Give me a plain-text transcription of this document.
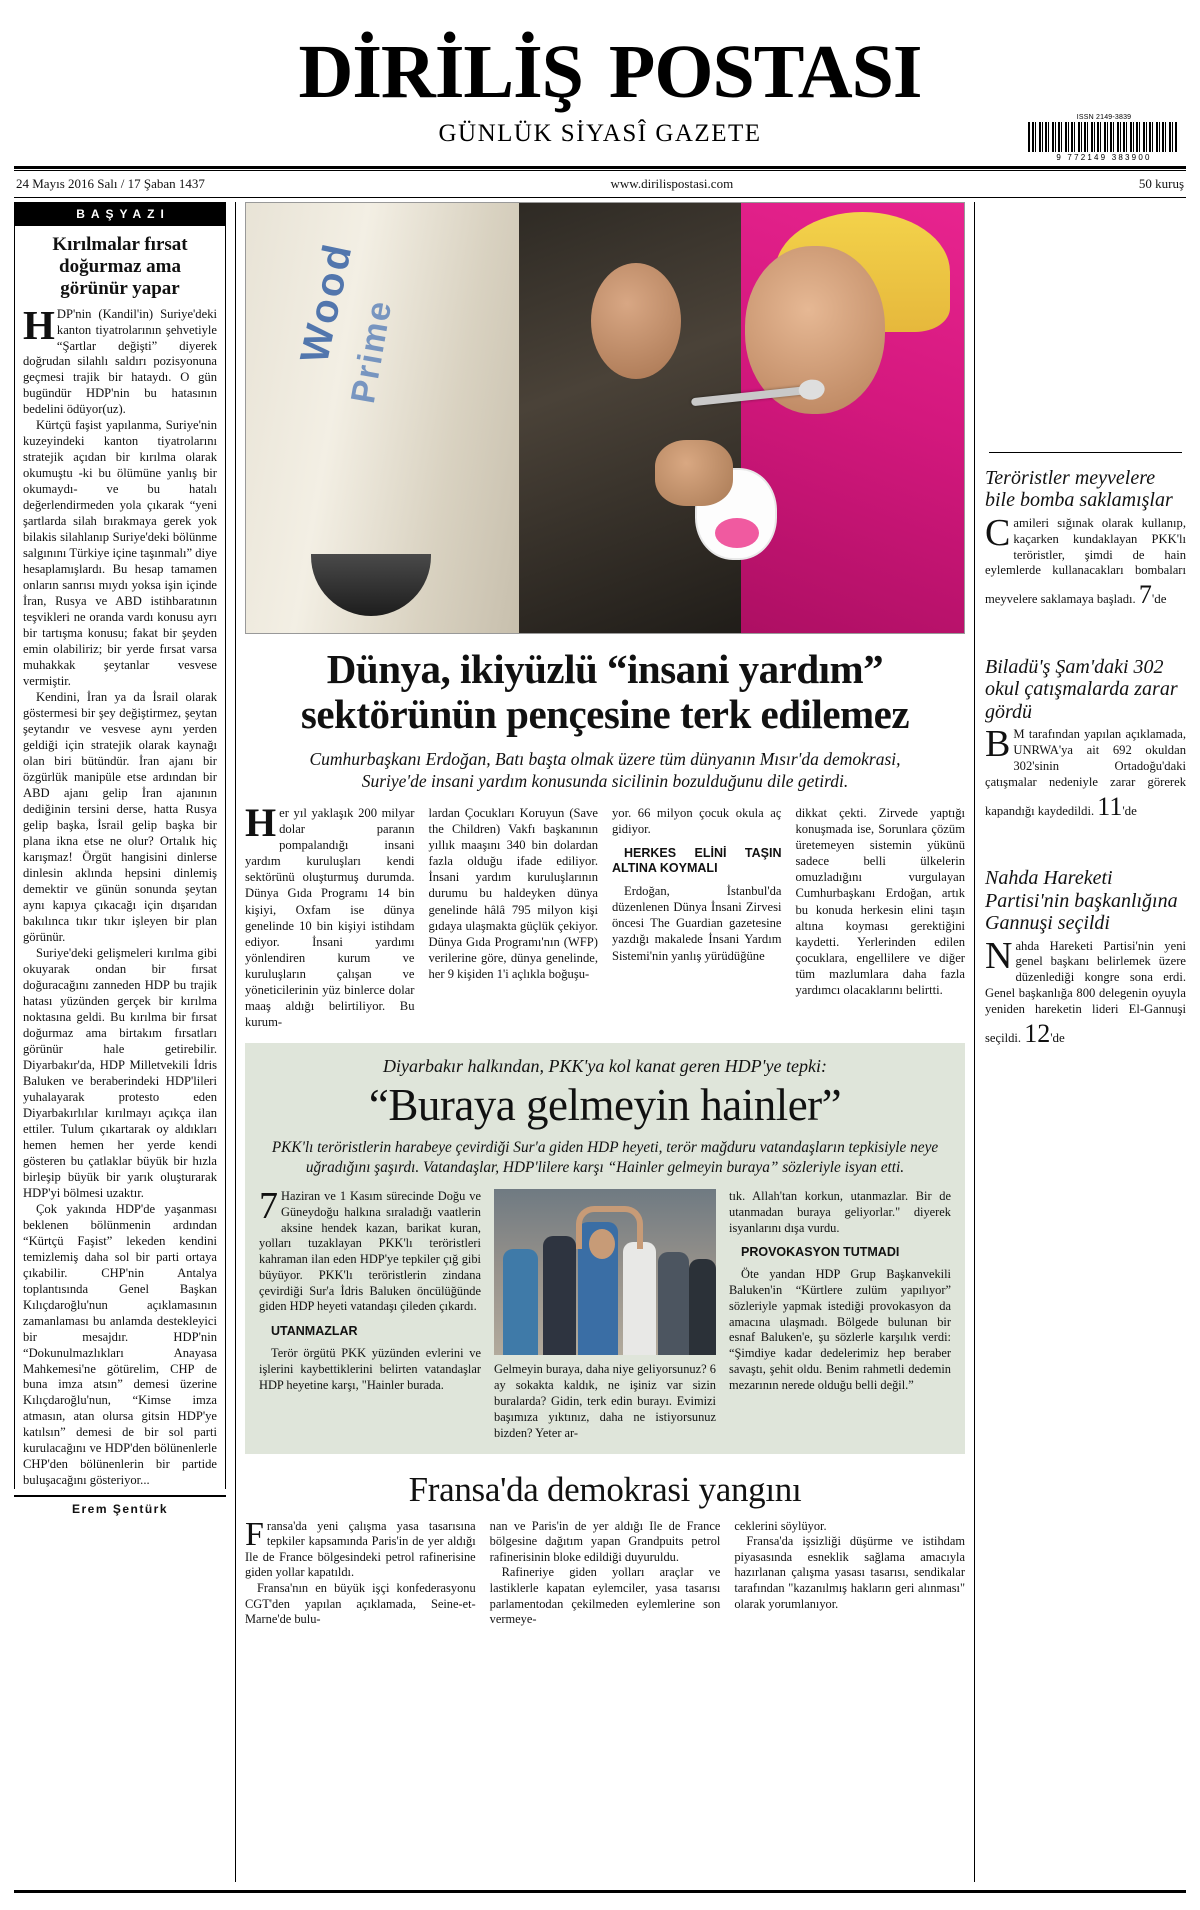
diriliş postası
GÜNLÜK SİYASÎ GAZETE
ISSN 2149-3839
9 772149 383900
24 Mayıs 2016 Salı / 17 Şaban 1437	www.dirilispostasi.com	50 kuruş
BAŞYAZI
Kırılmalar fırsat doğurmaz ama görünür yapar

HDP'nin (Kandil'in) Suriye'deki kanton tiyatrolarının şehvetiyle “Şartlar değişti” diyerek doğrudan silahlı saldırı pozisyonuna geçmesi trajik bir hataydı. O gün bugündür HDP'nin bu hatasının bedelini ödüyor(uz).

Kürtçü faşist yapılanma, Suriye'nin kuzeyindeki kanton tiyatrolarını stratejik açıdan bir kırılma olarak okumuştu -ki bu ölümüne yanlış bir okumaydı- ve bu hatalı değerlendirmeden yola çıkarak “yeni şartlarda silah bırakmaya gerek yok bilakis silahlanıp Suriye'deki bölünme salgınını Türkiye içine taşınmalı” diye hesaplamışlardı. Bu hesap tamamen onların sanrısı mıydı yoksa işin içinde İran, Rusya ve ABD istihbaratının teşvikleri ne oranda vardı konusu ayrı bir tartışma konusu; fakat bir şeyden emin olabiliriz; bir yerde fırsat varsa muhakkak şeytanlar vesvese vermiştir.

Kendini, İran ya da İsrail olarak göstermesi bir şey değiştirmez, şeytan şeytandır ve vesvese aynı yerden geldiği için stratejik olarak kaynağı olan biri bütündür. İran ajanı bir özgürlük manipüle etse ardından bir ABD ajanı gelip İran ajanının dediğinin tersini derse, hatta Rusya gelip başka, İsrail gelip başka bir plana ikna etse ne olur? Ortalık hiç karışmaz! Örgüt hangisini dinlerse dinlesin aklında hepsini dinlemiş demektir ve günün sonunda şeytan aynı kapıya çıkacağı için dışarıdan bakılınca tıkır tıkır işleyen bir plan görünür.

Suriye'deki gelişmeleri kırılma gibi okuyarak ondan bir fırsat doğuracağını zanneden HDP bu trajik hatası yüzünden gerçek bir kırılma noktasına geldi. Bu kırılma bir fırsat doğurmaz ama birtakım fırsatları görünür hale getirebilir. Diyarbakır'da, HDP Milletvekili İdris Baluken ve beraberindeki HDP'lileri yuhalayarak protesto eden Diyarbakırlılar kırılmayı açıkça ilan ettiler. Tulum çıkartarak oy aldıkları hemen hemen her yerde kendi gösteren bu çatlaklar büyük bir hızla birleşip büyük bir yarık oluşturarak HDP'yi bölmesi uzaktır.

Çok yakında HDP'de yaşanması beklenen bölünmenin ardından “Kürtçü Faşist” lekeden kendini temizlemiş daha sol bir parti ortaya çıkabilir. CHP'nin Antalya toplantısında Genel Başkan Kılıçdaroğlu'nun açıklamasının zamanlaması bu anlamda destekleyici bir mesajdır. HDP'nin “Dokunulmazlıkları Anayasa Mahkemesi'ne götürelim, CHP de buna imza atsın” demesi üzerine Kılıçdaroğlu'nun, “Kimse imza atmasın, atan olursa gitsin HDP'ye katılsın” demesi de bir sol parti kurulacağını ve HDP'den bölünenlerle CHP'den bölünenlerin bir partide buluşacağını gösteriyor...

Erem Şentürk
Wood
Prime
Dünya, ikiyüzlü “insani yardım”
sektörünün pençesine terk edilemez
Cumhurbaşkanı Erdoğan, Batı başta olmak üzere tüm dünyanın Mısır'da demokrasi, Suriye'de insani yardım konusunda sicilinin bozulduğunu dile getirdi.

Her yıl yaklaşık 200 milyar dolar paranın pompalandığı insani yardım kuruluşları kendi sektörünü oluşturmuş durumda. Dünya Gıda Programı 14 bin kişiyi, Oxfam ise dünya genelinde 10 bin kişiyi istihdam ediyor. İnsani yardımı yönlendiren kurum ve kuruluşların çalışan ve yöneticilerinin yüz binlerce dolar maaş aldığı belirtiliyor. Bu kurum-

lardan Çocukları Koruyun (Save the Children) Vakfı başkanının yıllık maaşını 340 bin dolardan fazla olduğu ifade ediliyor. İnsani yardım kuruluşlarının durumu bu haldeyken dünya genelinde hâlâ 795 milyon kişi gıdaya ulaşmakta güçlük çekiyor. Dünya Gıda Programı'nın (WFP) verilerine göre, dünya genelinde, her 9 kişiden 1'i açlıkla boğuşu-

yor. 66 milyon çocuk okula aç gidiyor.

HERKES ELİNİ TAŞIN ALTINA KOYMALI

Erdoğan, İstanbul'da düzenlenen Dünya İnsani Zirvesi öncesi The Guardian gazetesine yazdığı makalede İnsani Yardım Sistemi'nin yanlış yürüdüğüne

dikkat çekti. Zirvede yaptığı konuşmada ise, Sorunlara çözüm üretemeyen sistemin yükünü sadece belli ülkelerin omuzladığını vurgulayan Cumhurbaşkanı Erdoğan, artık bu konuda herkesin elini taşın altına koyması gerektiğini kaydetti. Yerlerinden edilen çocuklara, engellilere ve diğer tüm mazlumlara daha fazla yardımcı olacaklarını belirtti.

Diyarbakır halkından, PKK'ya kol kanat geren HDP'ye tepki:
“Buraya gelmeyin hainler”
PKK'lı teröristlerin harabeye çevirdiği Sur'a giden HDP heyeti, terör mağduru vatandaşların tepkisiyle neye uğradığını şaşırdı. Vatandaşlar, HDP'lilere karşı “Hainler gelmeyin buraya” sözleriyle isyan etti.

7Haziran ve 1 Kasım sürecinde Doğu ve Güneydoğu halkına sıraladığı vaatlerin aksine hendek kazan, barikat kuran, yolları tuzaklayan PKK'lı teröristleri kahraman ilan eden HDP'ye tepkiler çığ gibi büyüyor. PKK'lı teröristlerin zindana çevirdiği Sur'a İdris Baluken öncülüğünde giden HDP heyeti vatandaşı çileden çıkardı.

UTANMAZLAR

Terör örgütü PKK yüzünden evlerini ve işlerini kaybettiklerini belirten vatandaşlar HDP heyetine karşı, "Hainler burada.

Gelmeyin buraya, daha niye geliyorsunuz? 6 ay sokakta kaldık, ne işiniz var sizin buralarda? Gidin, terk edin burayı. Evimizi başımıza yıktınız, daha ne istiyorsunuz bizden? Yeter ar-

tık. Allah'tan korkun, utanmazlar. Bir de utanmadan buraya geliyorlar." diyerek isyanlarını dışa vurdu.

PROVOKASYON TUTMADI

Öte yandan HDP Grup Başkanvekili Baluken'in “Kürtlere zulüm yapılıyor” sözleriyle yapmak istediği provokasyon da amacına ulaşmadı. Bölgede bulunan bir esnaf Baluken'e, şu sözlerle karşılık verdi: “Şimdiye kadar dedelerimiz hep beraber savaştı, şehit oldu. Benim rahmetli dedemin mezarının nerede olduğu belli değil.”

Fransa'da demokrasi yangını

Fransa'da yeni çalışma yasa tasarısına tepkiler kapsamında Paris'in de yer aldığı Ile de France bölgesindeki petrol rafinerisine giden yollar kapatıldı.

Fransa'nın en büyük işçi konfederasyonu CGT'den yapılan açıklamada, Seine-et-Marne'de bulu-

nan ve Paris'in de yer aldığı Ile de France bölgesine dağıtım yapan Grandpuits petrol rafinerisinin bloke edildiği duyuruldu.

Rafineriye giden yolları araçlar ve lastiklerle kapatan eylemciler, yasa tasarısı parlamentodan çekilmeden eylemlerine son vermeye-

ceklerini söylüyor.

Fransa'da işsizliği düşürme ve istihdam piyasasında esneklik sağlama amacıyla hazırlanan çalışma yasası tasarısı, sendikalar tarafından "kazanılmış hakların geri alınması" olarak yorumlanıyor.

Teröristler meyvelere bile bomba saklamışlar
Camileri sığınak olarak kullanıp, kaçarken kundaklayan PKK'lı teröristler, şimdi de hain eylemlerde kullanacakları bombaları meyvelere saklamaya başladı. 7'de
Biladü'ş Şam'daki 302 okul çatışmalarda zarar gördü
BM tarafından yapılan açıklamada, UNRWA'ya ait 692 okuldan 302'sinin Ortadoğu'daki çatışmalar nedeniyle zarar görerek kapandığı kaydedildi. 11'de
Nahda Hareketi Partisi'nin başkanlığına Gannuşi seçildi
Nahda Hareketi Partisi'nin yeni genel başkanı belirlemek üzere düzenlediği kongre sona erdi. Genel başkanlığa 800 delegenin oyuyla yeniden hareketin lideri El-Gannuşi seçildi. 12'de
